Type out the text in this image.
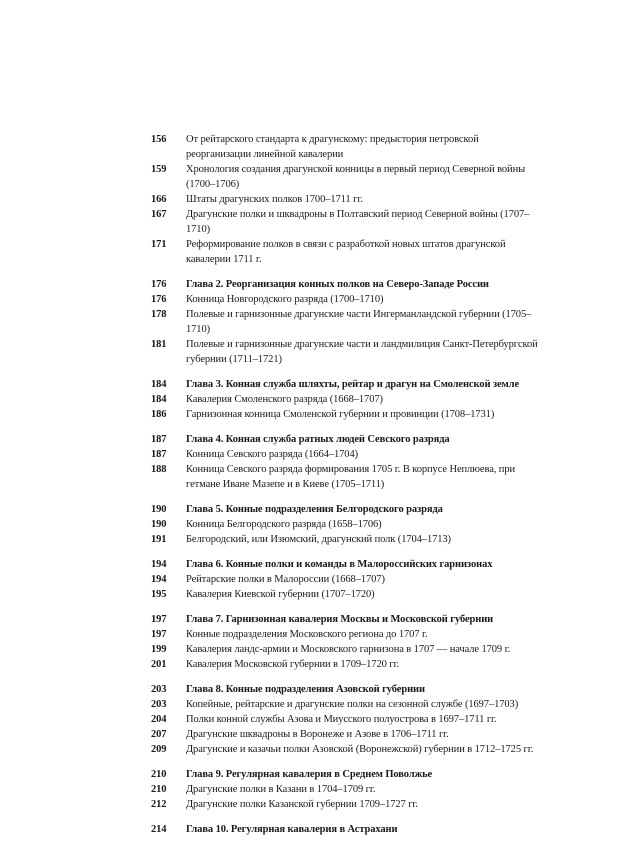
156	От рейтарского стандарта к драгунскому: предыстория петровской реорганизации линейной кавалерии
159	Хронология создания драгунской конницы в первый период Северной войны (1700–1706)
166	Штаты драгунских полков 1700–1711 гг.
167	Драгунские полки и шквадроны в Полтавский период Северной войны (1707–1710)
171	Реформирование полков в связи с разработкой новых штатов драгунской кавалерии 1711 г.
176	Глава 2. Реорганизация конных полков на Северо-Западе России
176	Конница Новгородского разряда (1700–1710)
178	Полевые и гарнизонные драгунские части Ингерманландской губернии (1705–1710)
181	Полевые и гарнизонные драгунские части и ландмилиция Санкт-Петербургской губернии (1711–1721)
184	Глава 3. Конная служба шляхты, рейтар и драгун на Смоленской земле
184	Кавалерия Смоленского разряда (1668–1707)
186	Гарнизонная конница Смоленской губернии и провинции (1708–1731)
187	Глава 4. Конная служба ратных людей Севского разряда
187	Конница Севского разряда (1664–1704)
188	Конница Севского разряда формирования 1705 г. В корпусе Неплюева, при гетмане Иване Мазепе и в Киеве (1705–1711)
190	Глава 5. Конные подразделения Белгородского разряда
190	Конница Белгородского разряда (1658–1706)
191	Белгородский, или Изюмский, драгунский полк (1704–1713)
194	Глава 6. Конные полки и команды в Малороссийских гарнизонах
194	Рейтарские полки в Малороссии (1668–1707)
195	Кавалерия Киевской губернии (1707–1720)
197	Глава 7. Гарнизонная кавалерия Москвы и Московской губернии
197	Конные подразделения Московского региона до 1707 г.
199	Кавалерия ландс-армии и Московского гарнизона в 1707 — начале 1709 г.
201	Кавалерия Московской губернии в 1709–1720 гг.
203	Глава 8. Конные подразделения Азовской губернии
203	Копейные, рейтарские и драгунские полки на сезонной службе (1697–1703)
204	Полки конной службы Азова и Миусского полуострова в 1697–1711 гг.
207	Драгунские шквадроны в Воронеже и Азове в 1706–1711 гг.
209	Драгунские и казачьи полки Азовской (Воронежской) губернии в 1712–1725 гг.
210	Глава 9. Регулярная кавалерия в Среднем Поволжье
210	Драгунские полки в Казани в 1704–1709 гг.
212	Драгунские полки Казанской губернии 1709–1727 гг.
214	Глава 10. Регулярная кавалерия в Астрахани
